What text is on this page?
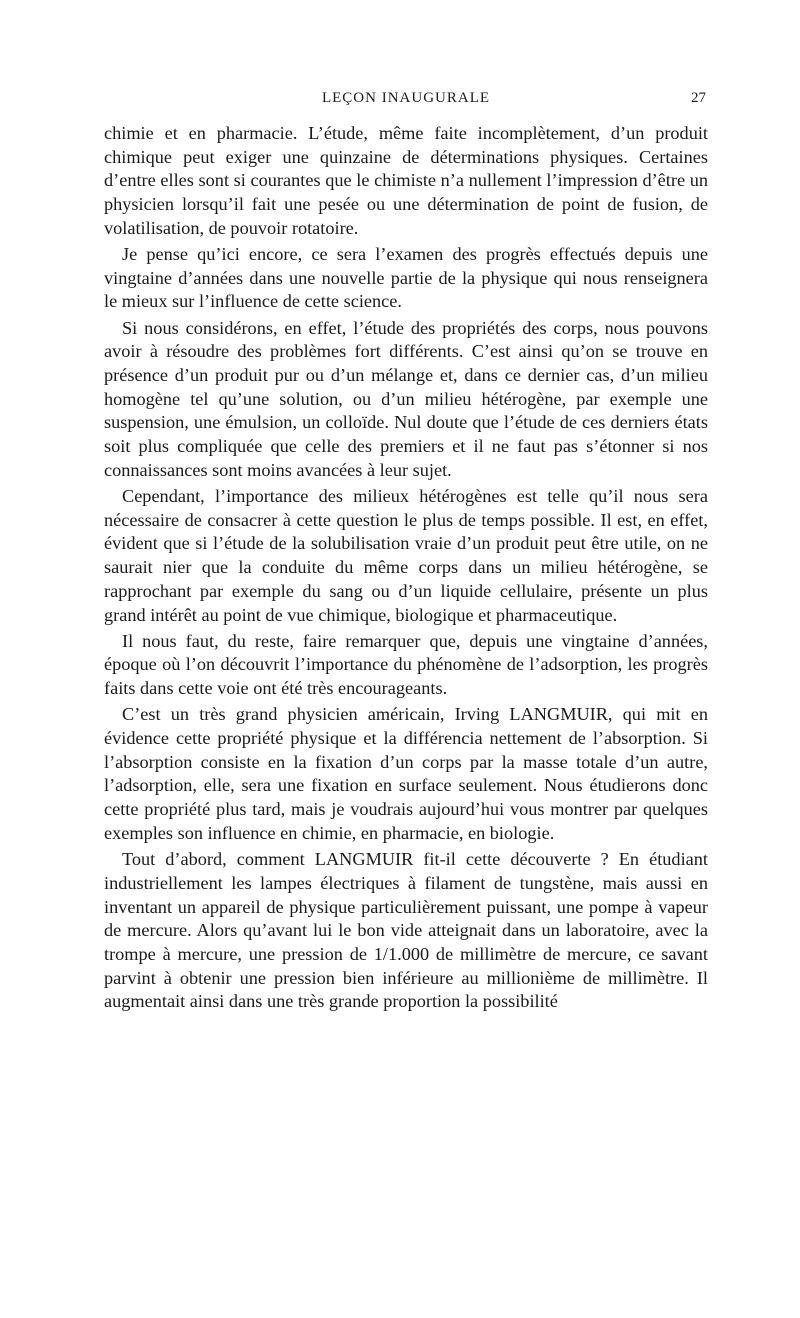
LEÇON INAUGURALE	27

chimie et en pharmacie. L’étude, même faite incomplètement, d’un produit chimique peut exiger une quinzaine de déterminations physiques. Certaines d’entre elles sont si courantes que le chimiste n’a nullement l’impression d’être un physicien lorsqu’il fait une pesée ou une détermination de point de fusion, de volatilisation, de pouvoir rotatoire.

Je pense qu’ici encore, ce sera l’examen des progrès effectués depuis une vingtaine d’années dans une nouvelle partie de la physique qui nous renseignera le mieux sur l’influence de cette science.

Si nous considérons, en effet, l’étude des propriétés des corps, nous pouvons avoir à résoudre des problèmes fort différents. C’est ainsi qu’on se trouve en présence d’un produit pur ou d’un mélange et, dans ce dernier cas, d’un milieu homogène tel qu’une solution, ou d’un milieu hétérogène, par exemple une suspension, une émulsion, un colloïde. Nul doute que l’étude de ces derniers états soit plus compliquée que celle des premiers et il ne faut pas s’étonner si nos connaissances sont moins avancées à leur sujet.

Cependant, l’importance des milieux hétérogènes est telle qu’il nous sera nécessaire de consacrer à cette question le plus de temps possible. Il est, en effet, évident que si l’étude de la solubilisation vraie d’un produit peut être utile, on ne saurait nier que la conduite du même corps dans un milieu hétérogène, se rapprochant par exemple du sang ou d’un liquide cellulaire, présente un plus grand intérêt au point de vue chimique, biologique et pharmaceutique.

Il nous faut, du reste, faire remarquer que, depuis une vingtaine d’années, époque où l’on découvrit l’importance du phénomène de l’adsorption, les progrès faits dans cette voie ont été très encourageants.

C’est un très grand physicien américain, Irving LANGMUIR, qui mit en évidence cette propriété physique et la différencia nettement de l’absorption. Si l’absorption consiste en la fixation d’un corps par la masse totale d’un autre, l’adsorption, elle, sera une fixation en surface seulement. Nous étudierons donc cette propriété plus tard, mais je voudrais aujourd’hui vous montrer par quelques exemples son influence en chimie, en pharmacie, en biologie.

Tout d’abord, comment LANGMUIR fit-il cette découverte ? En étudiant industriellement les lampes électriques à filament de tungstène, mais aussi en inventant un appareil de physique particulièrement puissant, une pompe à vapeur de mercure. Alors qu’avant lui le bon vide atteignait dans un laboratoire, avec la trompe à mercure, une pression de 1/1.000 de millimètre de mercure, ce savant parvint à obtenir une pression bien inférieure au millionième de millimètre. Il augmentait ainsi dans une très grande proportion la possibilité
